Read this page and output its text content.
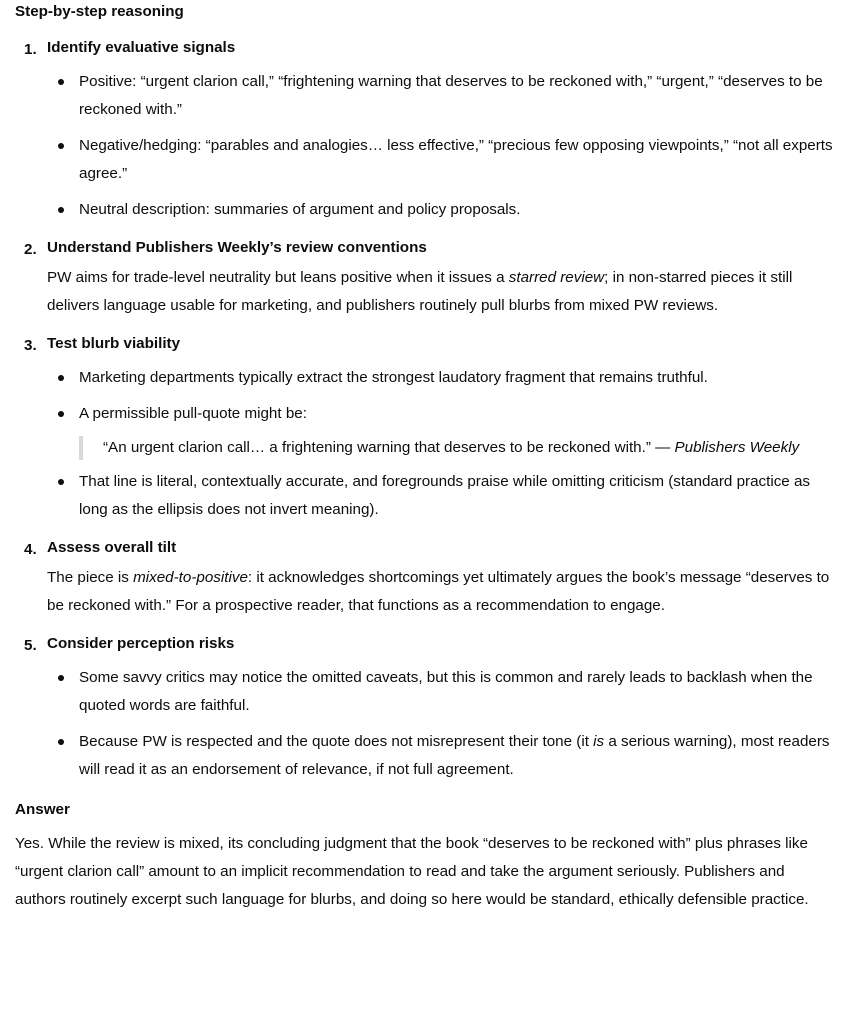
Step-by-step reasoning
1. Identify evaluative signals
Positive: “urgent clarion call,” “frightening warning that deserves to be reckoned with,” “urgent,” “deserves to be reckoned with.”
Negative/hedging: “parables and analogies… less effective,” “precious few opposing viewpoints,” “not all experts agree.”
Neutral description: summaries of argument and policy proposals.
2. Understand Publishers Weekly’s review conventions

PW aims for trade-level neutrality but leans positive when it issues a starred review; in non-starred pieces it still delivers language usable for marketing, and publishers routinely pull blurbs from mixed PW reviews.

3. Test blurb viability
Marketing departments typically extract the strongest laudatory fragment that remains truthful.
A permissible pull-quote might be:
“An urgent clarion call… a frightening warning that deserves to be reckoned with.” — Publishers Weekly
That line is literal, contextually accurate, and foregrounds praise while omitting criticism (standard practice as long as the ellipsis does not invert meaning).
4. Assess overall tilt

The piece is mixed-to-positive: it acknowledges shortcomings yet ultimately argues the book’s message “deserves to be reckoned with.” For a prospective reader, that functions as a recommendation to engage.

5. Consider perception risks
Some savvy critics may notice the omitted caveats, but this is common and rarely leads to backlash when the quoted words are faithful.
Because PW is respected and the quote does not misrepresent their tone (it is a serious warning), most readers will read it as an endorsement of relevance, if not full agreement.
Answer

Yes. While the review is mixed, its concluding judgment that the book “deserves to be reckoned with” plus phrases like “urgent clarion call” amount to an implicit recommendation to read and take the argument seriously. Publishers and authors routinely excerpt such language for blurbs, and doing so here would be standard, ethically defensible practice.
